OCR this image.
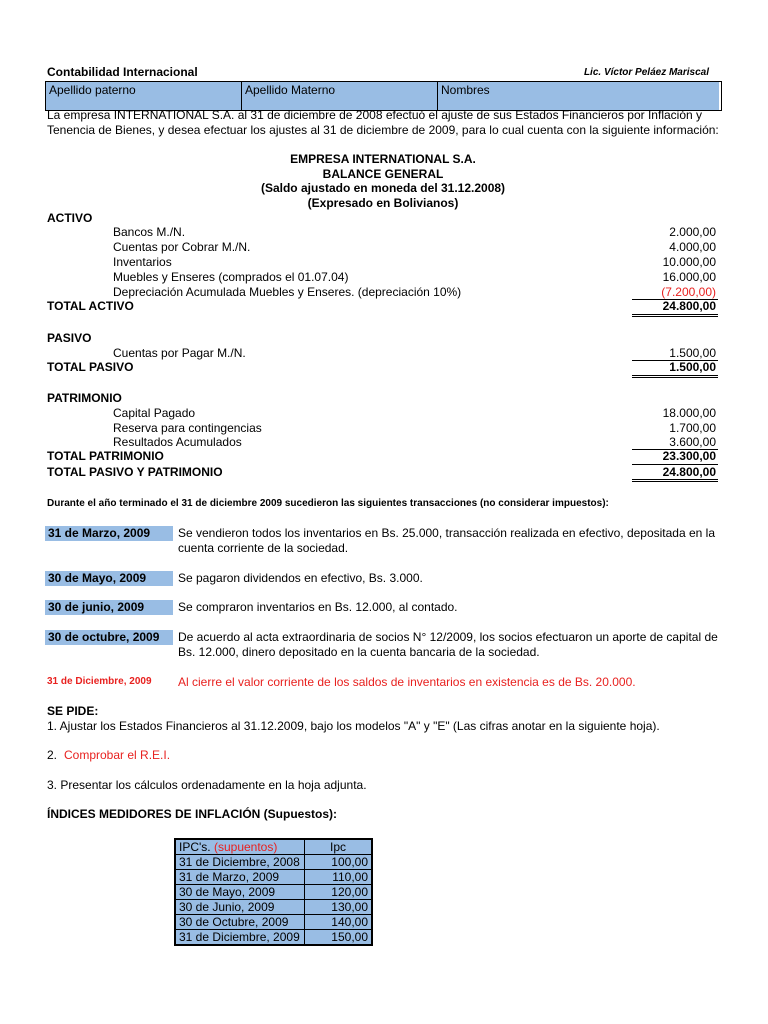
Contabilidad Internacional	Lic. Víctor Peláez Mariscal
Apellido paterno	Apellido Materno	Nombres
La empresa INTERNATIONAL S.A. al 31 de diciembre de 2008 efectuó el ajuste de sus Estados Financieros por Inflación y Tenencia de Bienes, y desea efectuar los ajustes al 31 de diciembre de 2009, para lo cual cuenta con la siguiente información:
EMPRESA INTERNATIONAL S.A.
BALANCE GENERAL
(Saldo ajustado en moneda del 31.12.2008)
(Expresado en Bolivianos)
ACTIVO
Bancos M./N.	2.000,00
Cuentas por Cobrar M./N.	4.000,00
Inventarios	10.000,00
Muebles y Enseres (comprados el 01.07.04)	16.000,00
Depreciación Acumulada Muebles y Enseres. (depreciación 10%)	(7.200,00)
TOTAL ACTIVO	24.800,00
PASIVO
Cuentas por Pagar M./N.	1.500,00
TOTAL PASIVO	1.500,00
PATRIMONIO
Capital Pagado	18.000,00
Reserva para contingencias	1.700,00
Resultados Acumulados	3.600,00
TOTAL PATRIMONIO	23.300,00
TOTAL PASIVO Y PATRIMONIO	24.800,00
Durante el año terminado el 31 de diciembre 2009 sucedieron las siguientes transacciones (no considerar impuestos):
31 de Marzo, 2009	Se vendieron todos los inventarios en Bs. 25.000, transacción realizada en efectivo, depositada en la cuenta corriente de la sociedad.
30 de Mayo, 2009	Se pagaron dividendos en efectivo, Bs. 3.000.
30 de junio, 2009	Se compraron inventarios en Bs. 12.000, al contado.
30 de octubre, 2009	De acuerdo al acta extraordinaria de socios N° 12/2009, los socios efectuaron un aporte de capital de Bs. 12.000, dinero depositado en la cuenta bancaria de la sociedad.
31 de Diciembre, 2009 Al cierre el valor corriente de los saldos de inventarios en existencia es de Bs. 20.000.
SE PIDE:
1. Ajustar los Estados Financieros al 31.12.2009, bajo los modelos "A" y "E" (Las cifras anotar en la siguiente hoja).
2. Comprobar el R.E.I.
3. Presentar los cálculos ordenadamente en la hoja adjunta.
ÍNDICES MEDIDORES DE INFLACIÓN (Supuestos):
IPC's. (supuentos)	Ipc
31 de Diciembre, 2008	100,00
31 de Marzo, 2009	110,00
30 de Mayo, 2009	120,00
30 de Junio, 2009	130,00
30 de Octubre, 2009	140,00
31 de Diciembre, 2009	150,00
